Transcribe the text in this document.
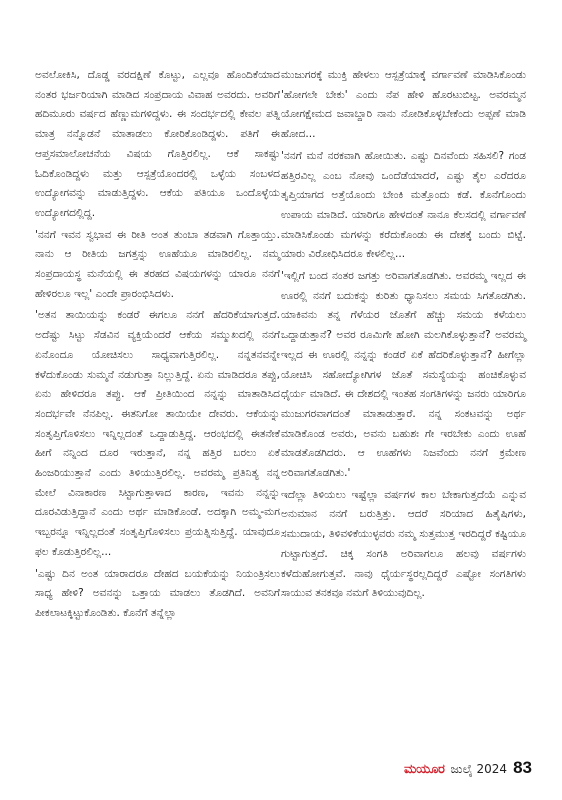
ಅವಲೋಕಿಸಿ, ದೊಡ್ಡ ವರದಕ್ಷಿಣೆ ಕೊಟ್ಟು, ಎಲ್ಲವೂ ಹೊಂದಿಕೆಯಾದ ನಂತರ ಭರ್ಜರಿಯಾಗಿ ಮಾಡಿದ ಸಂಪ್ರದಾಯ ವಿವಾಹ ಅವರದು. ಅವರಿಗೆ ಹದಿಮೂರು ವರ್ಷದ ಹೆಣ್ಣುಮಗಳಿದ್ದಳು. ಈ ಸಂದರ್ಭದಲ್ಲಿ ಕೇವಲ ಪತ್ನಿ ಮಾತ್ರ ನನ್ನೊಡನೆ ಮಾತಾಡಲು ಕೋರಿಕೊಂಡಿದ್ದಳು. ಪತಿಗೆ ಈ ಆಪ್ತಸಮಾಲೋಚನೆಯ ವಿಷಯ ಗೊತ್ತಿರಲಿಲ್ಲ. ಆಕೆ ಸಾಕಷ್ಟು ಓದಿಕೊಂಡಿದ್ದಳು ಮತ್ತು ಆಸ್ಪತ್ರೆಯೊಂದರಲ್ಲಿ ಒಳ್ಳೆಯ ಸಂಬಳದ ಉದ್ಯೋಗವನ್ನು ಮಾಡುತ್ತಿದ್ದಳು. ಆಕೆಯ ಪತಿಯೂ ಒಂದೊಳ್ಳೆಯ ಉದ್ಯೋಗದಲ್ಲಿದ್ದ.

'ನನಗೆ ಇವನ ಸ್ವಭಾವ ಈ ರೀತಿ ಅಂತ ತುಂಬಾ ತಡವಾಗಿ ಗೊತ್ತಾಯ್ತು. ನಾನು ಆ ರೀತಿಯ ಜಗತ್ತನ್ನು ಊಹೆಯೂ ಮಾಡಿರಲಿಲ್ಲ. ನಮ್ಮ ಸಂಪ್ರದಾಯಸ್ಥ ಮನೆಯಲ್ಲಿ ಈ ತರಹದ ವಿಷಯಗಳನ್ನು ಯಾರೂ ನನಗೆ ಹೇಳಿರಲೂ ಇಲ್ಲ' ಎಂದೇ ಪ್ರಾರಂಭಿಸಿದಳು.

'ಅತನ ತಾಯಿಯನ್ನು ಕಂಡರೆ ಈಗಲೂ ನನಗೆ ಹೆದರಿಕೆಯಾಗುತ್ತದೆ. ಅದೆಷ್ಟು ಸಿಟ್ಟು ಸೆಡವಿನ ವ್ಯಕ್ತಿಯೆಂದರೆ ಆಕೆಯ ಸಮ್ಮುಖದಲ್ಲಿ ನನಗೆ ಏನೊಂದೂ ಯೋಚಿಸಲು ಸಾಧ್ಯವಾಗುತ್ತಿರಲಿಲ್ಲ. ನನ್ನತನವನ್ನೇ ಕಳೆದುಕೊಂಡು ಸುಮ್ಮನೆ ನಡುಗುತ್ತಾ ನಿಲ್ಲುತ್ತಿದ್ದೆ. ಏನು ಮಾಡಿದರೂ ತಪ್ಪು, ಏನು ಹೇಳಿದರೂ ತಪ್ಪು. ಆಕೆ ಪ್ರೀತಿಯಿಂದ ನನ್ನನ್ನು ಮಾತಾಡಿಸಿದ ಸಂದರ್ಭವೇ ನೆನಪಿಲ್ಲ. ಈತನಿಗೋ ತಾಯಿಯೇ ದೇವರು. ಆಕೆಯನ್ನು ಸಂತೃಪ್ತಿಗೊಳಿಸಲು ಇನ್ನಿಲ್ಲದಂತೆ ಒದ್ದಾಡುತ್ತಿದ್ದ. ಆರಂಭದಲ್ಲಿ ಈತನೇಕೆ ಹೀಗೆ ನನ್ನಿಂದ ದೂರ ಇರುತ್ತಾನೆ, ನನ್ನ ಹತ್ತಿರ ಬರಲು ಏಕೆ ಹಿಂಜರಿಯುತ್ತಾನೆ ಎಂದು ತಿಳಿಯುತ್ತಿರಲಿಲ್ಲ. ಅವರಮ್ಮ ಪ್ರತಿನಿತ್ಯ ನನ್ನ ಮೇಲೆ ವಿನಾಕಾರಣ ಸಿಟ್ಟಾಗುತ್ತಾಳಾದ ಕಾರಣ, ಇವನು ನನ್ನನ್ನು ದೂರವಿಡುತ್ತಿದ್ದಾನೆ ಎಂದು ಅರ್ಥ ಮಾಡಿಕೊಂಡೆ. ಅದಕ್ಕಾಗಿ ಅಮ್ಮ-ಮಗ ಇಬ್ಬರನ್ನೂ ಇನ್ನಿಲ್ಲದಂತೆ ಸಂತೃಪ್ತಿಗೊಳಿಸಲು ಪ್ರಯತ್ನಿಸುತ್ತಿದ್ದೆ. ಯಾವುದೂ ಫಲ ಕೊಡುತ್ತಿರಲಿಲ್ಲ...

'ಎಷ್ಟು ದಿನ ಅಂತ ಯಾರಾದರೂ ದೇಹದ ಬಯಕೆಯನ್ನು ನಿಯಂತ್ರಿಸಲು ಸಾಧ್ಯ ಹೇಳಿ? ಅವನನ್ನು ಒತ್ತಾಯ ಮಾಡಲು ತೊಡಗಿದೆ. ಅವನಿಗೆ ಪೀಕಲಾಟಕ್ಕಿಟ್ಟುಕೊಂಡಿತು. ಕೊನೆಗೆ ತನ್ನೆಲ್ಲಾ

ಮುಜುಗರಕ್ಕೆ ಮುಕ್ತಿ ಹೇಳಲು ಆಸ್ಪತ್ರೆಯಾಕ್ಕೆ ವರ್ಗಾವಣೆ ಮಾಡಿಸಿಕೊಂಡು 'ಹೋಗಲೇ ಬೇಕು' ಎಂದು ನೆಪ ಹೇಳಿ ಹೊರಟುಬಿಟ್ಟ. ಅವರಮ್ಮನ ಯೋಗಕ್ಷೇಮದ ಜವಾಬ್ದಾರಿ ನಾನು ನೋಡಿಕೊಳ್ಳಬೇಕೆಂದು ಅಪ್ಪಣೆ ಮಾಡಿ ಹೋದ...

'ನನಗೆ ಮನೆ ನರಕವಾಗಿ ಹೋಯಿತು. ಎಷ್ಟು ದಿನವೆಂದು ಸಹಿಸಲಿ? ಗಂಡ ಹತ್ತಿರವಿಲ್ಲ ಎಂಬ ನೋವು ಒಂದೆಡೆಯಾದರೆ, ಎಷ್ಟು ತೈಲ ಎರೆದರೂ ತೃಪ್ತಿಯಾಗದ ಅತ್ತೆಯೊಂದು ಬೇಂಕಿ ಮತ್ತೊಂದು ಕಡೆ. ಕೊನೆಗೊಂದು ಉಪಾಯ ಮಾಡಿದೆ. ಯಾರಿಗೂ ಹೇಳದಂತೆ ನಾನೂ ಕೆಲಸದಲ್ಲಿ ವರ್ಗಾವಣೆ ಮಾಡಿಸಿಕೊಂಡು ಮಗಳನ್ನು ಕರೆದುಕೊಂಡು ಈ ದೇಶಕ್ಕೆ ಬಂದು ಬಿಟ್ಟೆ. ಯಾರು ವಿರೋಧಿಸಿದರೂ ಕೇಳಲಿಲ್ಲ...

'ಇಲ್ಲಿಗೆ ಬಂದ ನಂತರ ಜಗತ್ತು ಅರಿವಾಗತೊಡಗಿತು. ಅವರಮ್ಮ ಇಲ್ಲದ ಈ ಊರಲ್ಲಿ ನನಗೆ ಬದುಕನ್ನು ಕುರಿತು ಧ್ಯಾನಿಸಲು ಸಮಯ ಸಿಗತೊಡಗಿತು. ಯಾಕಿವನು ತನ್ನ ಗೆಳೆಯರ ಜೊತೆಗೆ ಹೆಚ್ಚು ಸಮಯ ಕಳೆಯಲು ಒದ್ದಾಡುತ್ತಾನೆ? ಅವರ ರೂಮಿಗೇ ಹೋಗಿ ಮಲಗಿಕೊಳ್ಳುತ್ತಾನೆ? ಅವರಮ್ಮ ಇಲ್ಲದ ಈ ಊರಲ್ಲಿ ನನ್ನನ್ನು ಕಂಡರೆ ಏಕೆ ಹೆದರಿಕೊಳ್ಳುತ್ತಾನೆ? ಹೀಗೆಲ್ಲಾ ಯೋಚಿಸಿ ಸಹೋದ್ಯೋಗಿಗಳ ಜೊತೆ ಸಮಸ್ಯೆಯನ್ನು ಹಂಚಿಕೊಳ್ಳುವ ಧೈರ್ಯ ಮಾಡಿದೆ. ಈ ದೇಶದಲ್ಲಿ ಇಂತಹ ಸಂಗತಿಗಳನ್ನು ಜನರು ಯಾರಿಗೂ ಮುಜುಗರವಾಗದಂತೆ ಮಾತಾಡುತ್ತಾರೆ. ನನ್ನ ಸಂಕಟವನ್ನು ಅರ್ಥ ಮಾಡಿಕೊಂಡ ಅವರು, ಅವನು ಬಹುಶಃ ಗೇ ಇರಬೇಕು ಎಂದು ಊಹೆ ಮಾಡತೊಡಗಿದರು. ಆ ಊಹೆಗಳು ನಿಜವೆಂದು ನನಗೆ ಕ್ರಮೇಣ ಅರಿವಾಗತೊಡಗಿತು.'

ಇದೆಲ್ಲಾ ತಿಳಿಯಲು ಇಷ್ಟೆಲ್ಲಾ ವರ್ಷಗಳ ಕಾಲ ಬೇಕಾಗುತ್ತದೆಯೆ ಎನ್ನುವ ಅನುಮಾನ ನನಗೆ ಬರುತ್ತಿತ್ತು. ಆದರೆ ಸರಿಯಾದ ಹಿತೈಷಿಗಳು, ಸಮುದಾಯ, ತಿಳಿವಳಿಕೆಯುಳ್ಳವರು ನಮ್ಮ ಸುತ್ತಮುತ್ತ ಇರದಿದ್ದರೆ ಕಷ್ಟಿಯೂ ಗುಟ್ಟಾಗುತ್ತದೆ. ಚಿಕ್ಕ ಸಂಗತಿ ಅರಿವಾಗಲೂ ಹಲವು ವರ್ಷಗಳು ಕಳೆದುಹೋಗುತ್ತವೆ. ನಾವು ಧೈರ್ಯಸ್ಥರಲ್ಲದಿದ್ದರೆ ಎಷ್ಟೋ ಸಂಗತಿಗಳು ಸಾಯುವ ತನಕವೂ ನಮಗೆ ತಿಳಿಯುವುದಿಲ್ಲ.

ಮಯೂರ ಜುಲೈ 2024 83
